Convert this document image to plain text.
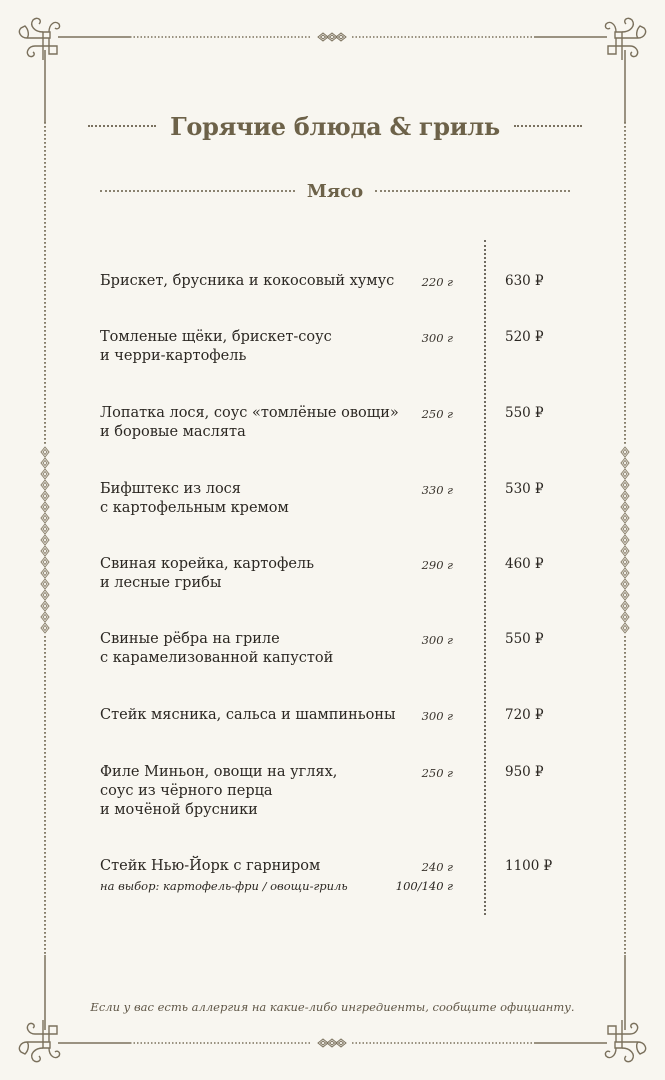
Горячие блюда & гриль
Мясо
Брискет, брусника и кокосовый хумус	220 г	630 ₽
Томленые щёки, брискет-соус
и черри-картофель
300 г	520 ₽
Лопатка лося, соус «томлёные овощи»
и боровые маслята
250 г	550 ₽
Бифштекс из лося
с картофельным кремом
330 г	530 ₽
Свиная корейка, картофель
и лесные грибы
290 г	460 ₽
Свиные рёбра на гриле
с карамелизованной капустой
300 г	550 ₽
Стейк мясника, сальса и шампиньоны	300 г	720 ₽
Филе Миньон, овощи на углях,
соус из чёрного перца
и мочёной брусники
250 г	950 ₽
Стейк Нью-Йорк с гарниром	240 г	1100 ₽
на выбор: картофель-фри / овощи-гриль	100/140 г
Если у вас есть аллергия на какие-либо ингредиенты, сообщите официанту.
